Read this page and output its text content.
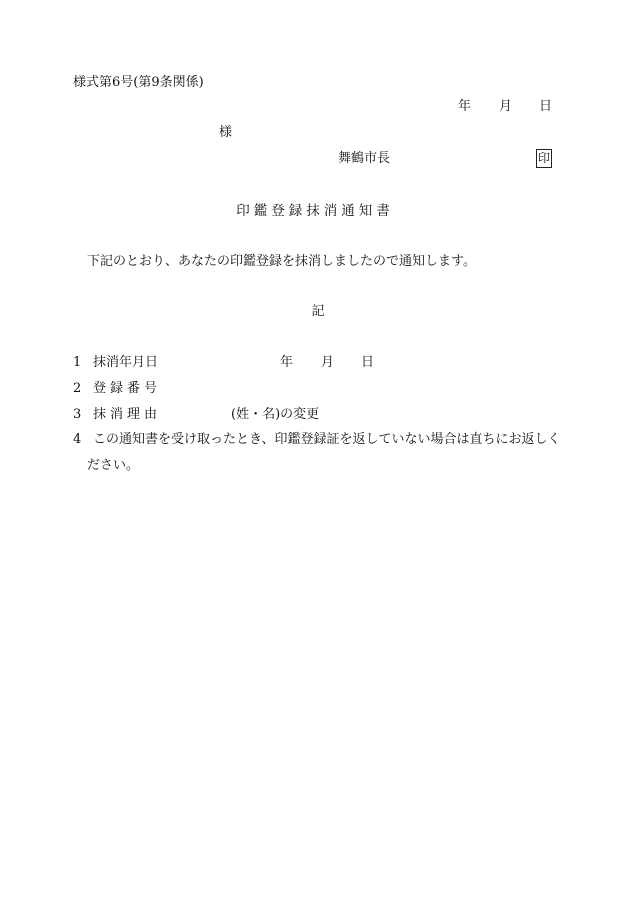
様式第6号(第9条関係)
年 月 日
様
舞鶴市長	印
印鑑登録抹消通知書
下記のとおり、あなたの印鑑登録を抹消しましたので通知します。
記
1 抹消年月日	年 月 日
2 登録番号
3 抹消理由	(姓・名)の変更
4 この通知書を受け取ったとき、印鑑登録証を返していない場合は直ちにお返しく
ださい。
